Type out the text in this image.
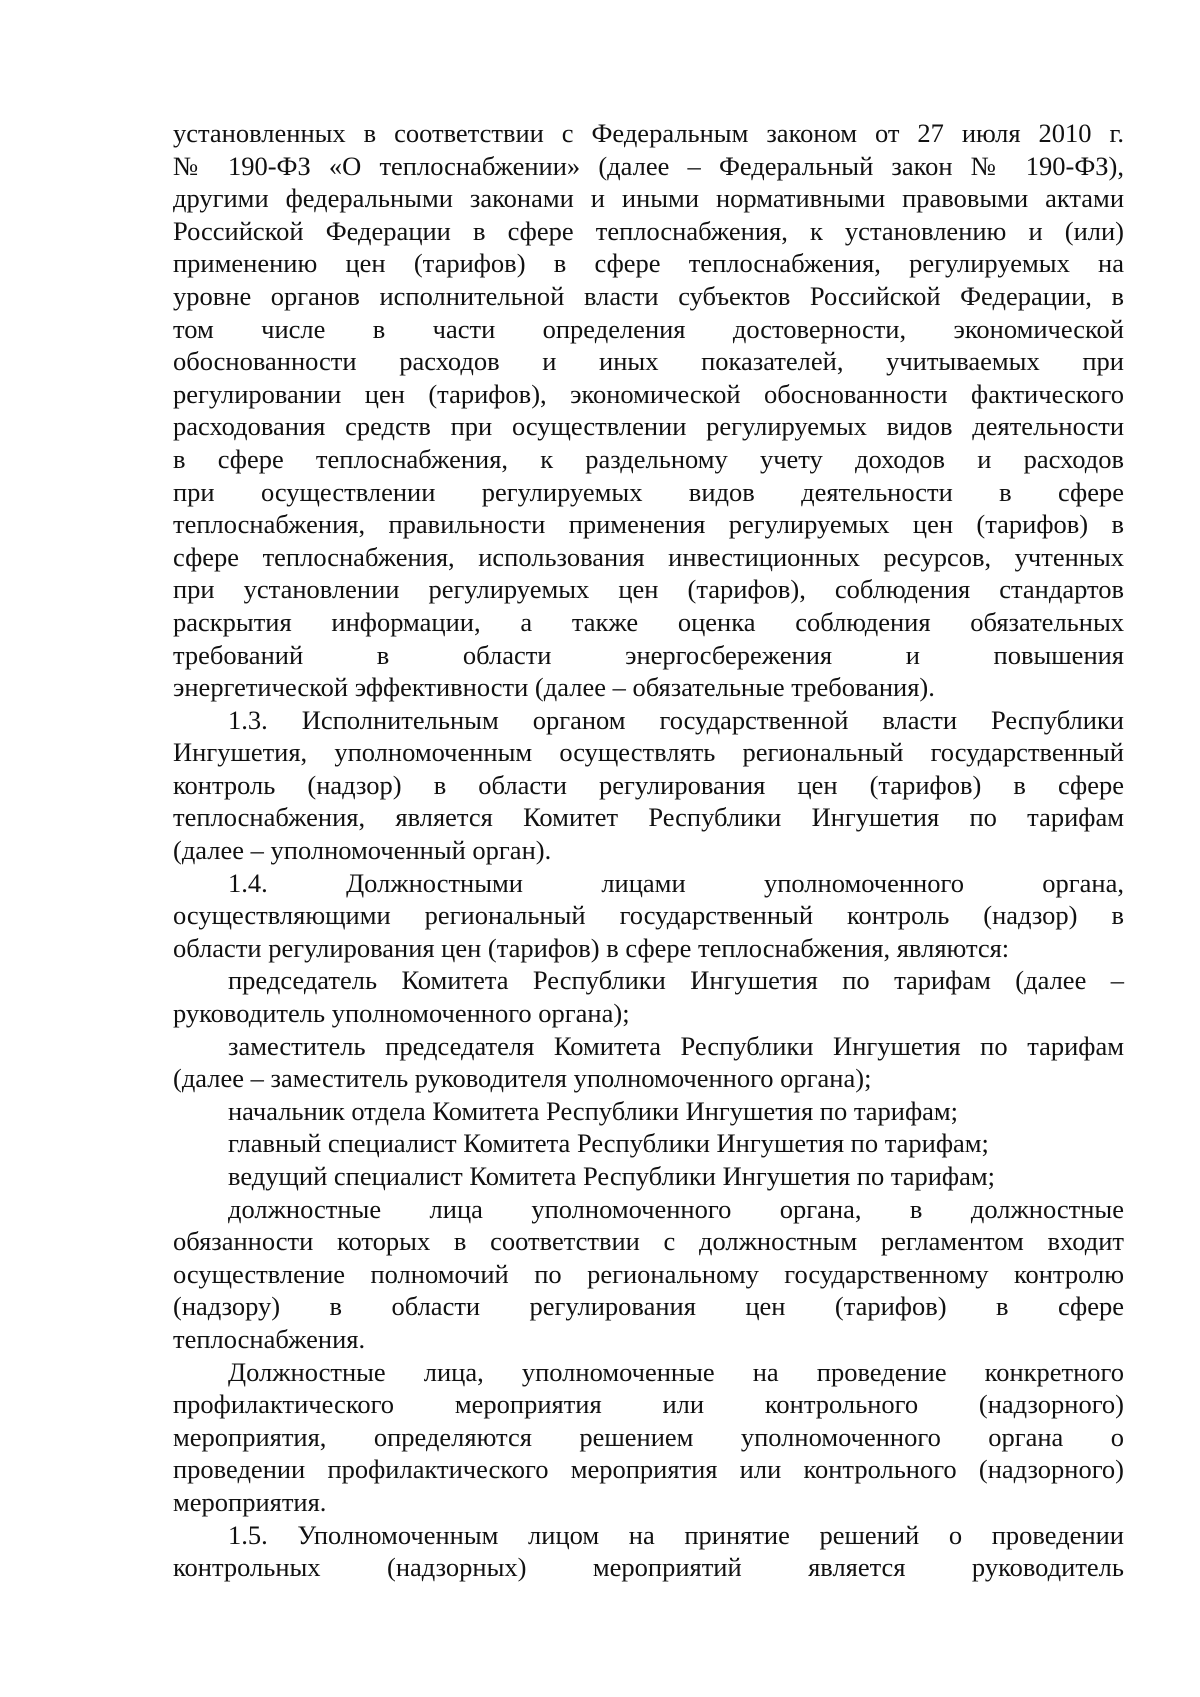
установленных в соответствии с Федеральным законом от 27 июля 2010 г.
№ 190-ФЗ «О теплоснабжении» (далее – Федеральный закон № 190-ФЗ),
другими федеральными законами и иными нормативными правовыми актами
Российской Федерации в сфере теплоснабжения, к установлению и (или)
применению цен (тарифов) в сфере теплоснабжения, регулируемых на
уровне органов исполнительной власти субъектов Российской Федерации, в
том числе в части определения достоверности, экономической
обоснованности расходов и иных показателей, учитываемых при
регулировании цен (тарифов), экономической обоснованности фактического
расходования средств при осуществлении регулируемых видов деятельности
в сфере теплоснабжения, к раздельному учету доходов и расходов
при осуществлении регулируемых видов деятельности в сфере
теплоснабжения, правильности применения регулируемых цен (тарифов) в
сфере теплоснабжения, использования инвестиционных ресурсов, учтенных
при установлении регулируемых цен (тарифов), соблюдения стандартов
раскрытия информации, а также оценка соблюдения обязательных
требований в области энергосбережения и повышения
энергетической эффективности (далее – обязательные требования).
1.3. Исполнительным органом государственной власти Республики
Ингушетия, уполномоченным осуществлять региональный государственный
контроль (надзор) в области регулирования цен (тарифов) в сфере
теплоснабжения, является Комитет Республики Ингушетия по тарифам
(далее – уполномоченный орган).
1.4. Должностными лицами уполномоченного органа,
осуществляющими региональный государственный контроль (надзор) в
области регулирования цен (тарифов) в сфере теплоснабжения, являются:
председатель Комитета Республики Ингушетия по тарифам (далее –
руководитель уполномоченного органа);
заместитель председателя Комитета Республики Ингушетия по тарифам
(далее – заместитель руководителя уполномоченного органа);
начальник отдела Комитета Республики Ингушетия по тарифам;
главный специалист Комитета Республики Ингушетия по тарифам;
ведущий специалист Комитета Республики Ингушетия по тарифам;
должностные лица уполномоченного органа, в должностные
обязанности которых в соответствии с должностным регламентом входит
осуществление полномочий по региональному государственному контролю
(надзору) в области регулирования цен (тарифов) в сфере
теплоснабжения.
Должностные лица, уполномоченные на проведение конкретного
профилактического мероприятия или контрольного (надзорного)
мероприятия, определяются решением уполномоченного органа о
проведении профилактического мероприятия или контрольного (надзорного)
мероприятия.
1.5. Уполномоченным лицом на принятие решений о проведении
контрольных (надзорных) мероприятий является руководитель
